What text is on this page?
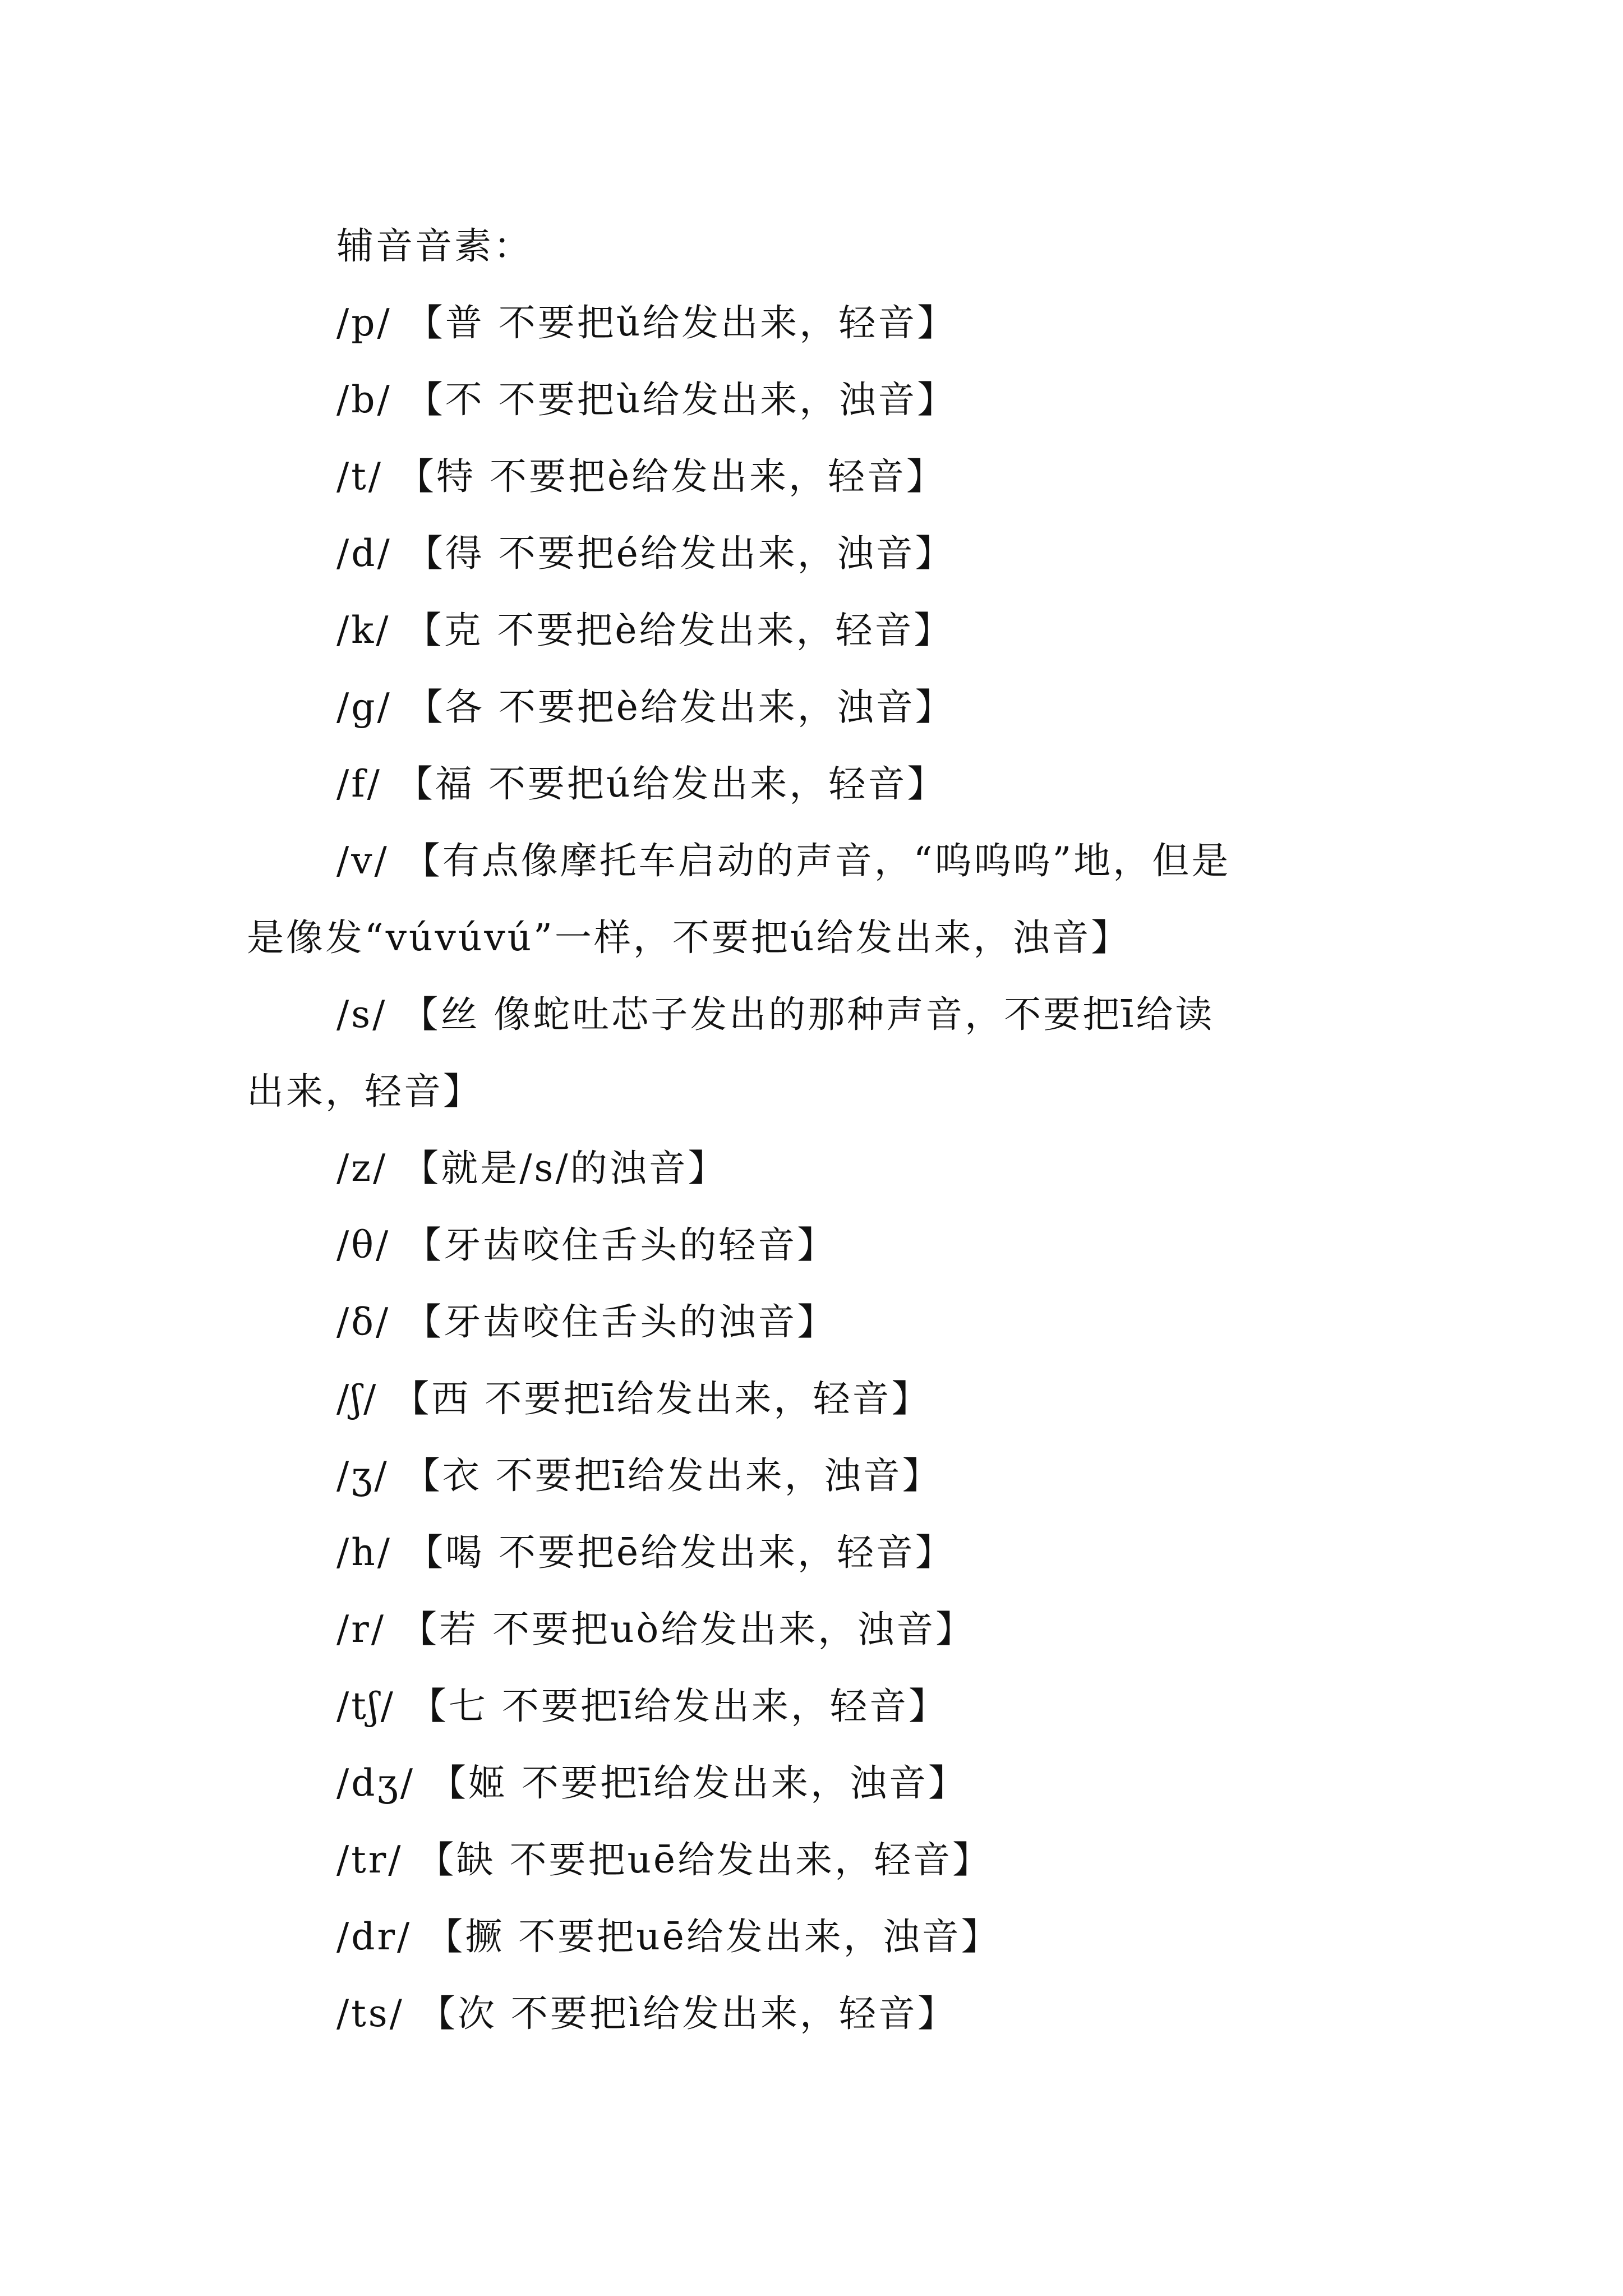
辅音音素：
/p/ 【普 不要把ǔ给发出来，轻音】
/b/ 【不 不要把ù给发出来，浊音】
/t/ 【特 不要把è给发出来，轻音】
/d/ 【得 不要把é给发出来，浊音】
/k/ 【克 不要把è给发出来，轻音】
/g/ 【各 不要把è给发出来，浊音】
/f/ 【福 不要把ú给发出来，轻音】
/v/ 【有点像摩托车启动的声音，“呜呜呜”地，但是
是像发“vúvúvú”一样，不要把ú给发出来，浊音】
/s/ 【丝 像蛇吐芯子发出的那种声音，不要把ī给读
出来，轻音】
/z/ 【就是/s/的浊音】
/θ/ 【牙齿咬住舌头的轻音】
/δ/ 【牙齿咬住舌头的浊音】
/ʃ/ 【西 不要把ī给发出来，轻音】
/ʒ/ 【衣 不要把ī给发出来，浊音】
/h/ 【喝 不要把ē给发出来，轻音】
/r/ 【若 不要把uò给发出来，浊音】
/tʃ/ 【七 不要把ī给发出来，轻音】
/dʒ/ 【姬 不要把ī给发出来，浊音】
/tr/ 【缺 不要把uē给发出来，轻音】
/dr/ 【撅 不要把uē给发出来，浊音】
/ts/ 【次 不要把ì给发出来，轻音】
